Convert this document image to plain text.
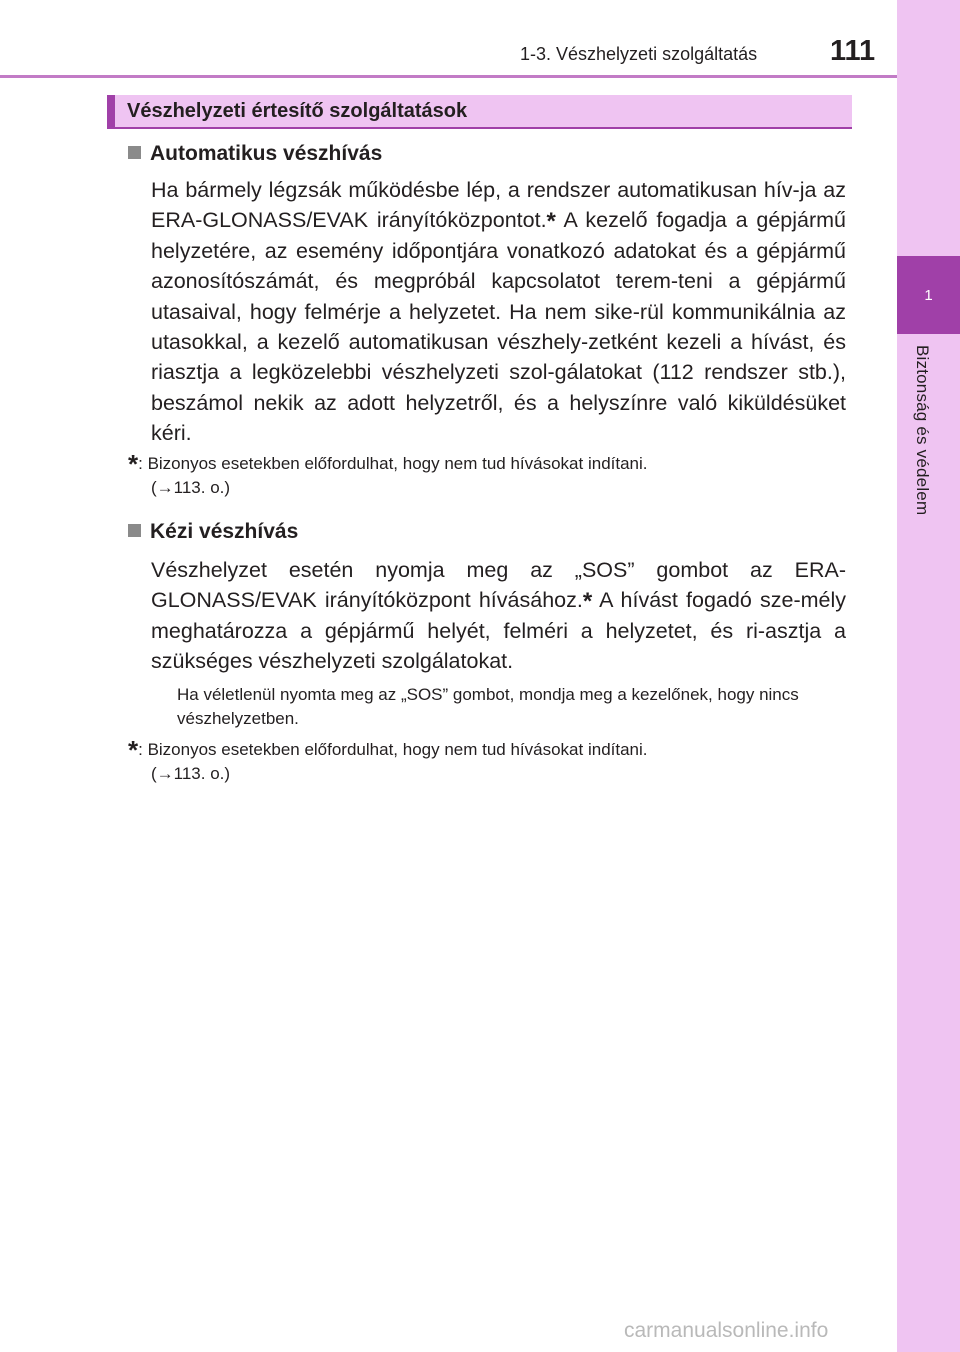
1
Biztonság és védelem
1-3. Vészhelyzeti szolgáltatás	111
Vészhelyzeti értesítő szolgáltatások
Automatikus vészhívás
Ha bármely légzsák működésbe lép, a rendszer automatikusan hív-ja az ERA-GLONASS/EVAK irányítóközpontot.* A kezelő fogadja a gépjármű helyzetére, az esemény időpontjára vonatkozó adatokat és a gépjármű azonosítószámát, és megpróbál kapcsolatot terem-teni a gépjármű utasaival, hogy felmérje a helyzetet. Ha nem sike-rül kommunikálnia az utasokkal, a kezelő automatikusan vészhely-zetként kezeli a hívást, és riasztja a legközelebbi vészhelyzeti szol-gálatokat (112 rendszer stb.), beszámol nekik az adott helyzetről, és a helyszínre való kiküldésüket kéri.
*: Bizonyos esetekben előfordulhat, hogy nem tud hívásokat indítani.
(→113. o.)
Kézi vészhívás
Vészhelyzet esetén nyomja meg az „SOS” gombot az ERA-GLONASS/EVAK irányítóközpont hívásához.* A hívást fogadó sze-mély meghatározza a gépjármű helyét, felméri a helyzetet, és ri-asztja a szükséges vészhelyzeti szolgálatokat.
Ha véletlenül nyomta meg az „SOS” gombot, mondja meg a kezelőnek, hogy nincs vészhelyzetben.
*: Bizonyos esetekben előfordulhat, hogy nem tud hívásokat indítani.
(→113. o.)
carmanualsonline.info
